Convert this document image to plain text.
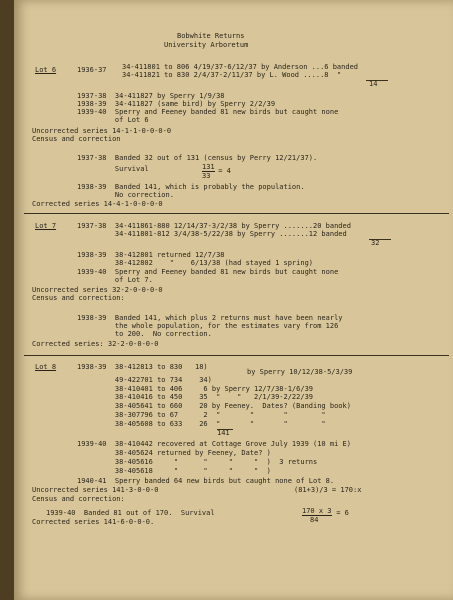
Bobwhite Returns
University Arboretum
Lot 6	1936-37 34-411801 to 806 4/19/37-6/12/37 by Anderson ...6 banded
34-411821 to 830 2/4/37-2/11/37 by L. Wood .....8  "
14
1937-38  34-411827 by Sperry 1/9/38
1938-39  34-411827 (same bird) by Sperry 2/2/39
1939-40  Sperry and Feeney banded 81 new birds but caught none
of Lot 6
Uncorrected series 14-1-1-0-0-0-0
Census and correction
1937-38  Banded 32 out of 131 (census by Perry 12/21/37).
Survival	131 = 4
33
1938-39  Banded 141, which is probably the population.
No correction.
Corrected series 14-4-1-0-0-0-0
Lot 7	1937-38  34-411861-880 12/14/37-3/2/38 by Sperry .......20 banded
34-411801-812 3/4/38-5/22/38 by Sperry .......12 banded
32
1938-39  38-412801 returned 12/7/38
38-412802    "    6/13/38 (had stayed 1 spring)
1939-40  Sperry and Feeney banded 81 new birds but caught none
of Lot 7.
Uncorrected series 32-2-0-0-0-0
Census and correction:
1938-39  Banded 141, which plus 2 returns must have been nearly
the whole population, for the estimates vary from 126
to 200.  No correction.
Corrected series: 32-2-0-0-0-0
Lot 8	1938-39  38-412813 to 830   18)
by Sperry 10/12/38-5/3/39
49-422701 to 734    34)
38-410401 to 406     6 by Sperry 12/7/38-1/6/39
38-410416 to 450    35  "    "   2/1/39-2/22/39
38-405641 to 660    20 by Feeney.  Dates? (Banding book)
38-307796 to 67      2  "       "       "        "
38-405608 to 633    26  "       "       "        "
141
1939-40  38-410442 recovered at Cottage Grove July 1939 (10 mi E)
38-405624 returned by Feeney, Date? )
38-405616     "      "     "     "  )  3 returns
38-405618     "      "     "     "  )
1940-41  Sperry banded 64 new birds but caught none of Lot 8.
Uncorrected series 141-3-0-0-0	(81+3)/3 = 170:x
Census and correction:
1939-40  Banded 81 out of 170.  Survival	170 x 3 = 6
84
Corrected series 141-6-0-0-0.
